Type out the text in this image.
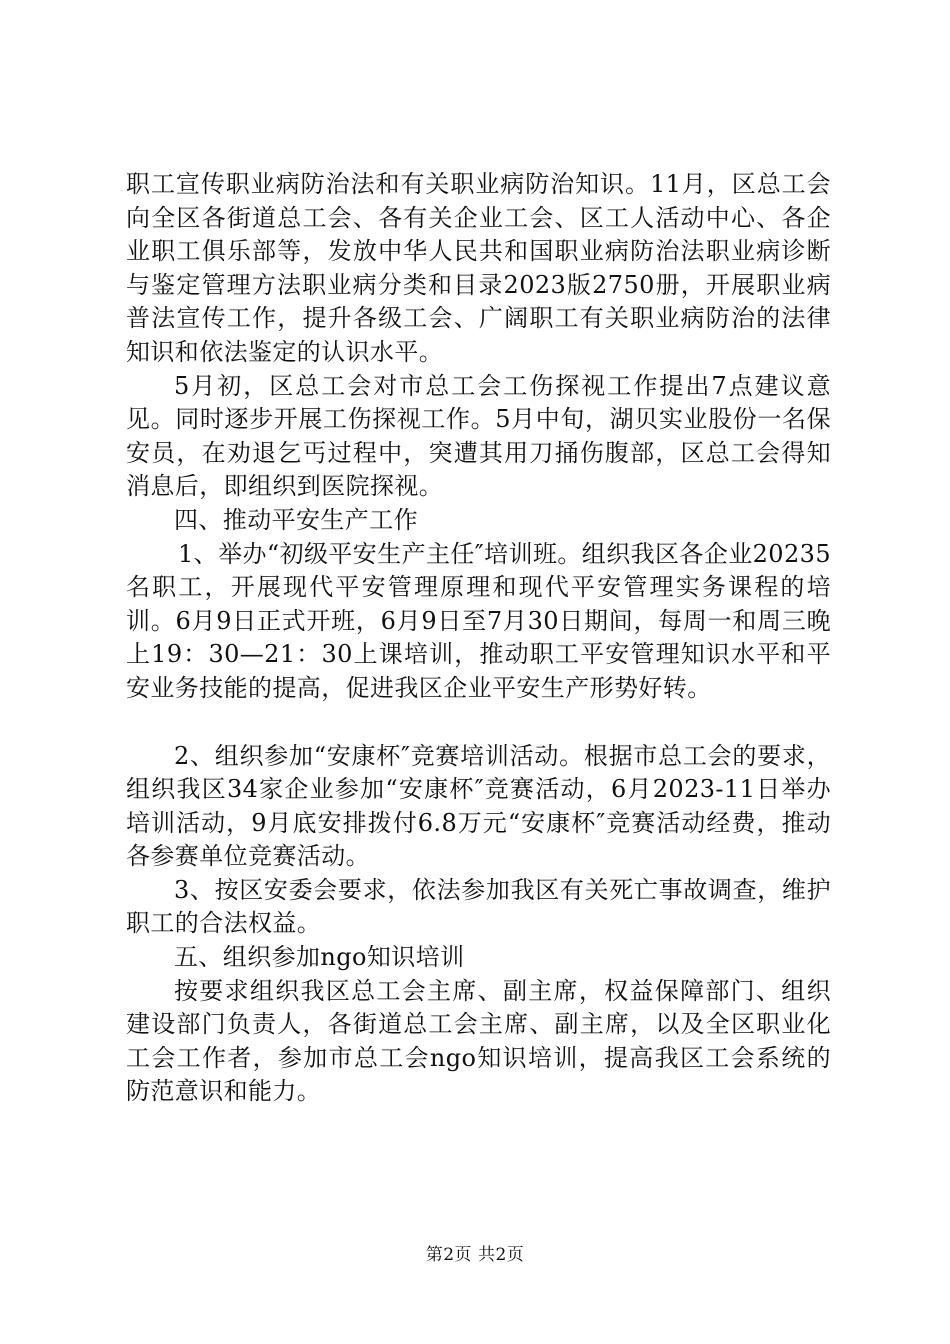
职工宣传职业病防治法和有关职业病防治知识。11月，区总工会向全区各街道总工会、各有关企业工会、区工人活动中心、各企业职工俱乐部等，发放中华人民共和国职业病防治法职业病诊断与鉴定管理方法职业病分类和目录2023版2750册，开展职业病普法宣传工作，提升各级工会、广阔职工有关职业病防治的法律知识和依法鉴定的认识水平。

5月初，区总工会对市总工会工伤探视工作提出7点建议意见。同时逐步开展工伤探视工作。5月中旬，湖贝实业股份一名保安员，在劝退乞丐过程中，突遭其用刀捅伤腹部，区总工会得知消息后，即组织到医院探视。

四、推动平安生产工作

1、举办“初级平安生产主任″培训班。组织我区各企业20235名职工，开展现代平安管理原理和现代平安管理实务课程的培训。6月9日正式开班，6月9日至7月30日期间，每周一和周三晚上19：30—21：30上课培训，推动职工平安管理知识水平和平安业务技能的提高，促进我区企业平安生产形势好转。

2、组织参加“安康杯″竞赛培训活动。根据市总工会的要求，组织我区34家企业参加“安康杯″竞赛活动，6月2023-11日举办培训活动，9月底安排拨付6.8万元“安康杯″竞赛活动经费，推动各参赛单位竞赛活动。

3、按区安委会要求，依法参加我区有关死亡事故调查，维护职工的合法权益。

五、组织参加ngo知识培训

按要求组织我区总工会主席、副主席，权益保障部门、组织建设部门负责人，各街道总工会主席、副主席，以及全区职业化工会工作者，参加市总工会ngo知识培训，提高我区工会系统的防范意识和能力。

第2页 共2页
